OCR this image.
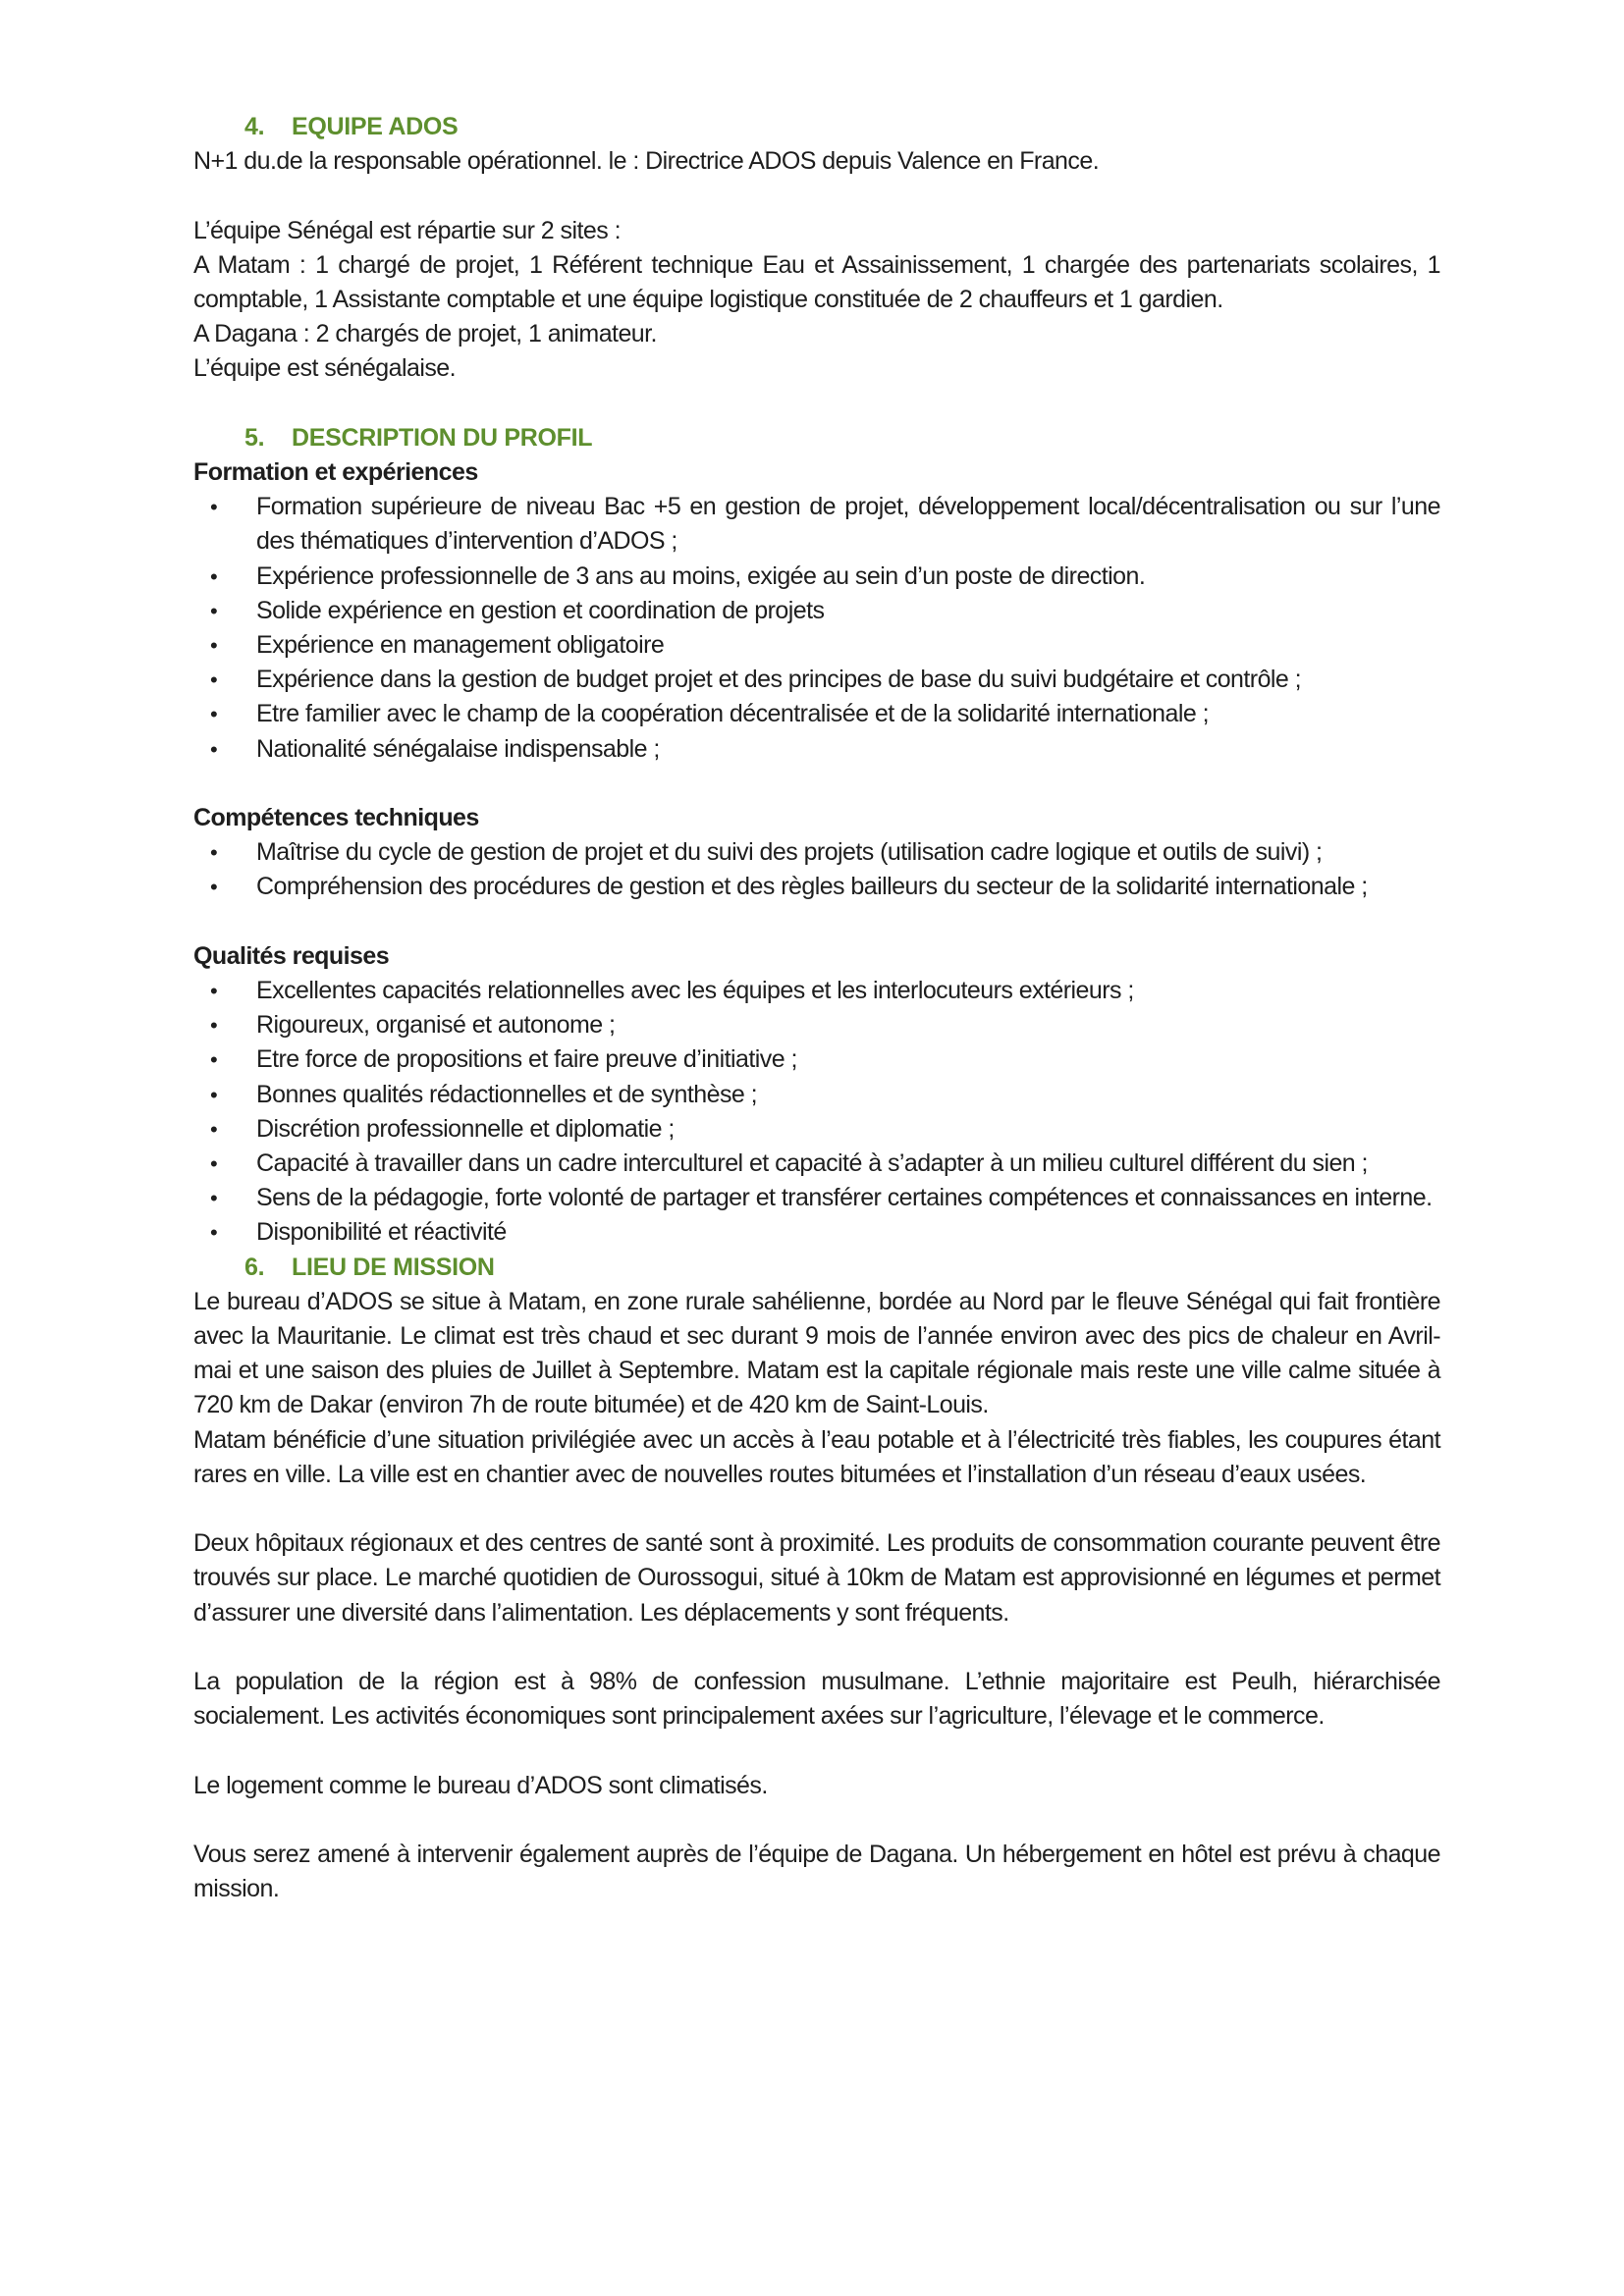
4. EQUIPE ADOS

N+1 du.de la responsable opérationnel. le : Directrice ADOS depuis Valence en France.

L’équipe Sénégal est répartie sur 2 sites :

A Matam : 1 chargé de projet, 1 Référent technique Eau et Assainissement, 1 chargée des partenariats scolaires, 1 comptable, 1 Assistante comptable et une équipe logistique constituée de 2 chauffeurs et 1 gardien.

A Dagana : 2 chargés de projet, 1 animateur.

L’équipe est sénégalaise.

5. DESCRIPTION DU PROFIL

Formation et expériences

• Formation supérieure de niveau Bac +5 en gestion de projet, développement local/décentralisation ou sur l’une des thématiques d’intervention d’ADOS ;
• Expérience professionnelle de 3 ans au moins, exigée au sein d’un poste de direction.
• Solide expérience en gestion et coordination de projets
• Expérience en management obligatoire
• Expérience dans la gestion de budget projet et des principes de base du suivi budgétaire et contrôle ;
• Etre familier avec le champ de la coopération décentralisée et de la solidarité internationale ;
• Nationalité sénégalaise indispensable ;

Compétences techniques

• Maîtrise du cycle de gestion de projet et du suivi des projets (utilisation cadre logique et outils de suivi) ;
• Compréhension des procédures de gestion et des règles bailleurs du secteur de la solidarité internationale ;

Qualités requises

• Excellentes capacités relationnelles avec les équipes et les interlocuteurs extérieurs ;
• Rigoureux, organisé et autonome ;
• Etre force de propositions et faire preuve d’initiative ;
• Bonnes qualités rédactionnelles et de synthèse ;
• Discrétion professionnelle et diplomatie ;
• Capacité à travailler dans un cadre interculturel et capacité à s’adapter à un milieu culturel différent du sien ;
• Sens de la pédagogie, forte volonté de partager et transférer certaines compétences et connaissances en interne.
• Disponibilité et réactivité
6. LIEU DE MISSION

Le bureau d’ADOS se situe à Matam, en zone rurale sahélienne, bordée au Nord par le fleuve Sénégal qui fait frontière avec la Mauritanie. Le climat est très chaud et sec durant 9 mois de l’année environ avec des pics de chaleur en Avril-mai et une saison des pluies de Juillet à Septembre. Matam est la capitale régionale mais reste une ville calme située à 720 km de Dakar (environ 7h de route bitumée) et de 420 km de Saint-Louis.

Matam bénéficie d’une situation privilégiée avec un accès à l’eau potable et à l’électricité très fiables, les coupures étant rares en ville. La ville est en chantier avec de nouvelles routes bitumées et l’installation d’un réseau d’eaux usées.

Deux hôpitaux régionaux et des centres de santé sont à proximité. Les produits de consommation courante peuvent être trouvés sur place. Le marché quotidien de Ourossogui, situé à 10km de Matam est approvisionné en légumes et permet d’assurer une diversité dans l’alimentation. Les déplacements y sont fréquents.

La population de la région est à 98% de confession musulmane. L’ethnie majoritaire est Peulh, hiérarchisée socialement. Les activités économiques sont principalement axées sur l’agriculture, l’élevage et le commerce.

Le logement comme le bureau d’ADOS sont climatisés.

Vous serez amené à intervenir également auprès de l’équipe de Dagana. Un hébergement en hôtel est prévu à chaque mission.
